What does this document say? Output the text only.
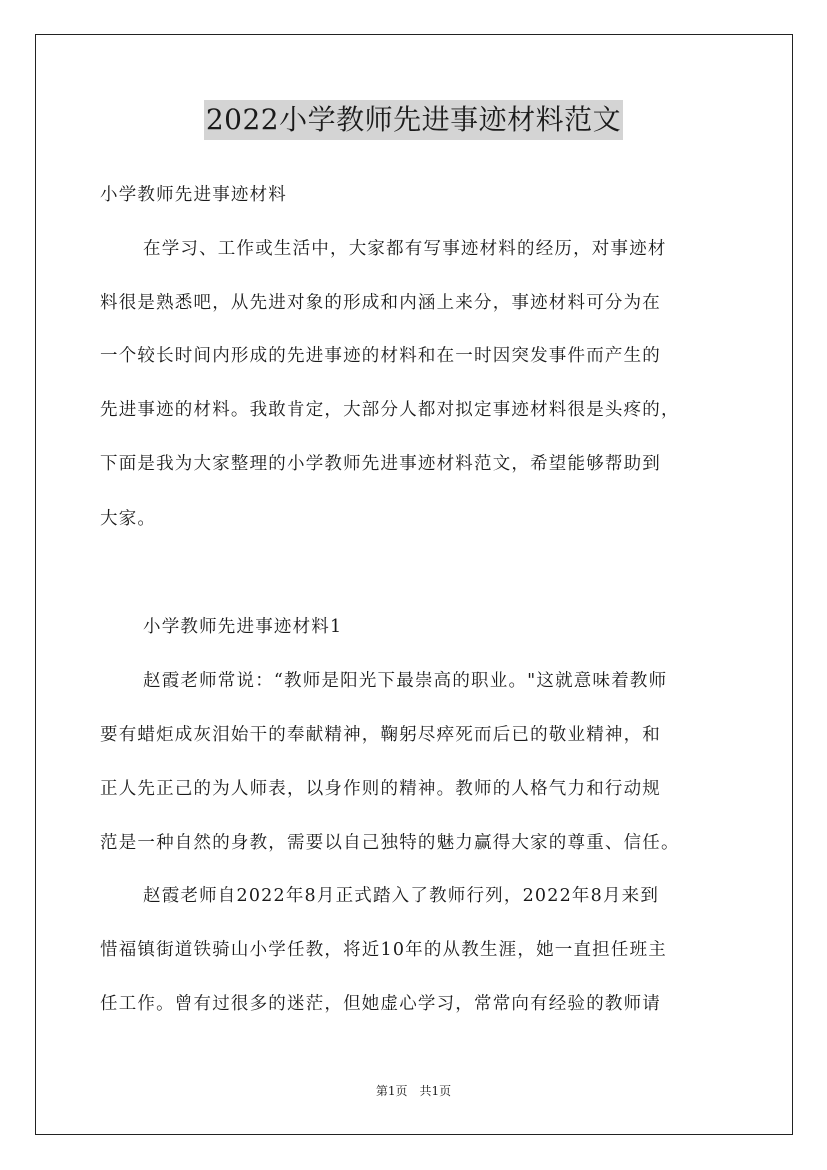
2022小学教师先进事迹材料范文
小学教师先进事迹材料
在学习、工作或生活中，大家都有写事迹材料的经历，对事迹材
料很是熟悉吧，从先进对象的形成和内涵上来分，事迹材料可分为在
一个较长时间内形成的先进事迹的材料和在一时因突发事件而产生的
先进事迹的材料。我敢肯定，大部分人都对拟定事迹材料很是头疼的，
下面是我为大家整理的小学教师先进事迹材料范文，希望能够帮助到
大家。
小学教师先进事迹材料1
赵霞老师常说：“教师是阳光下最崇高的职业。"这就意味着教师
要有蜡炬成灰泪始干的奉献精神，鞠躬尽瘁死而后已的敬业精神，和
正人先正己的为人师表，以身作则的精神。教师的人格气力和行动规
范是一种自然的身教，需要以自己独特的魅力赢得大家的尊重、信任。
赵霞老师自2022年8月正式踏入了教师行列，2022年8月来到
惜福镇街道铁骑山小学任教，将近10年的从教生涯，她一直担任班主
任工作。曾有过很多的迷茫，但她虚心学习，常常向有经验的教师请
第1页　共1页
